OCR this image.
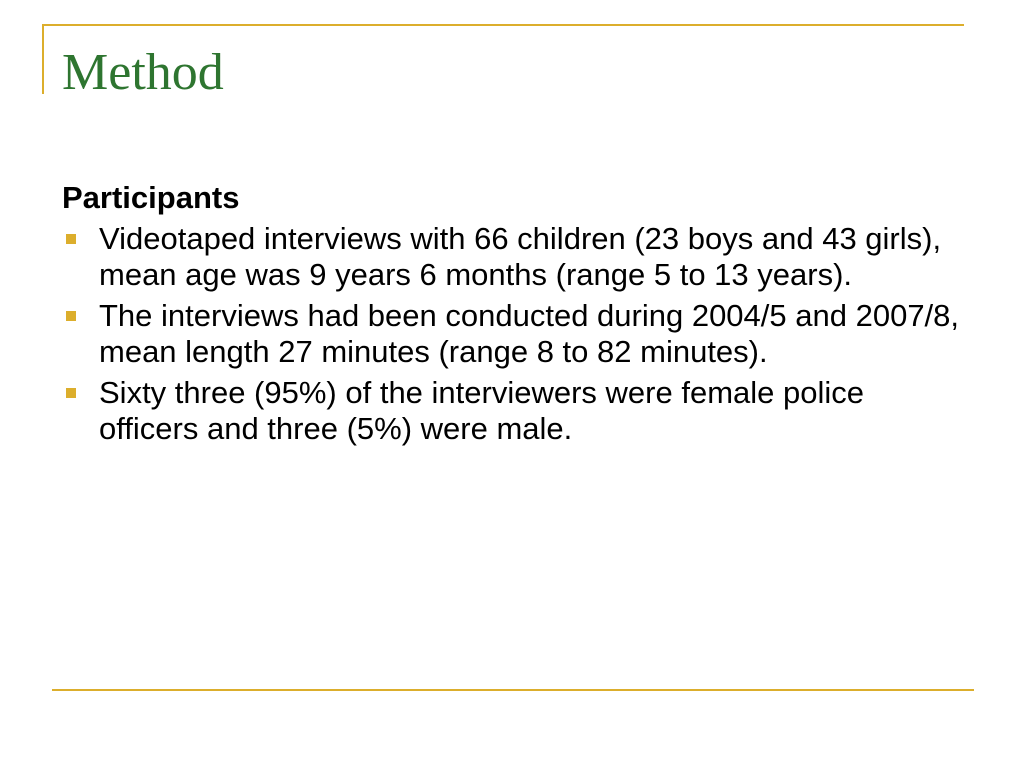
Method
Participants
Videotaped interviews with 66 children (23 boys and 43 girls), mean age was 9 years 6 months (range 5 to 13 years).
The interviews had been conducted during 2004/5 and 2007/8, mean length 27 minutes (range 8 to 82 minutes).
Sixty three (95%) of the interviewers were female police officers and three (5%) were male.
